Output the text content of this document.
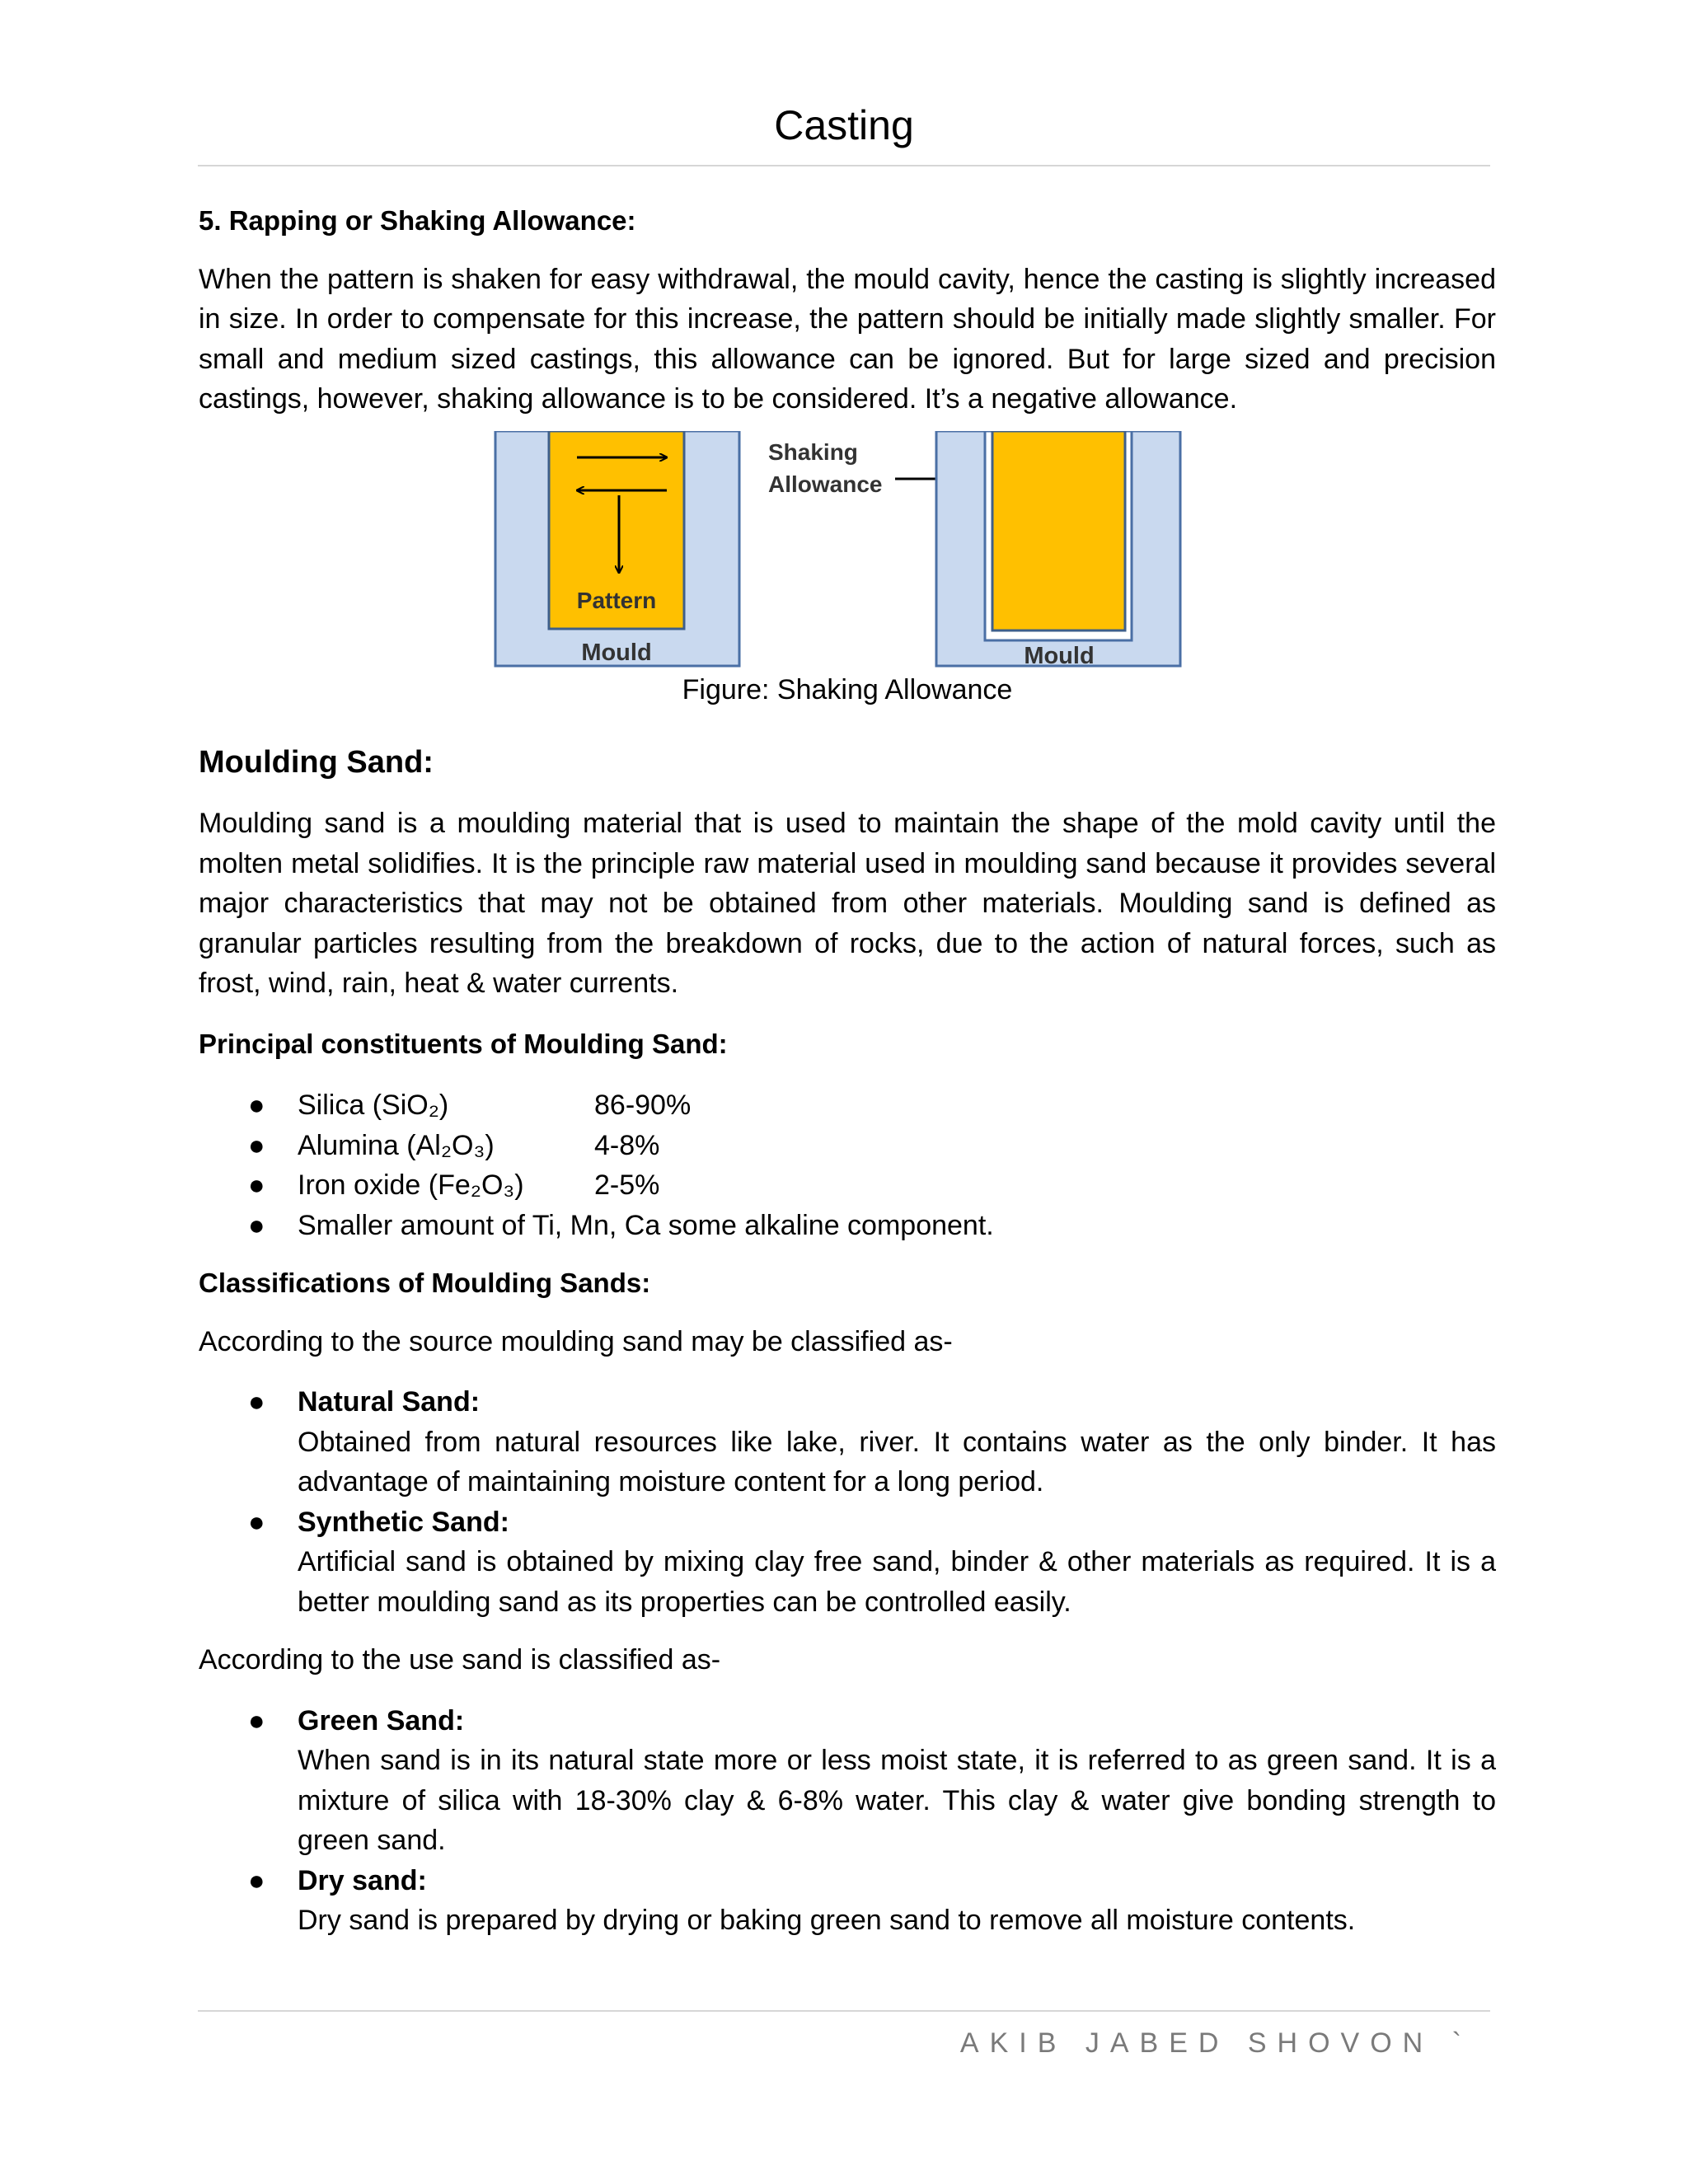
Casting

5. Rapping or Shaking Allowance:

When the pattern is shaken for easy withdrawal, the mould cavity, hence the casting is slightly increased in size. In order to compensate for this increase, the pattern should be initially made slightly smaller. For small and medium sized castings, this allowance can be ignored. But for large sized and precision castings, however, shaking allowance is to be considered. It’s a negative allowance.

Pattern
Mould
Shaking
Allowance
Mould
Figure: Shaking Allowance

Moulding Sand:

Moulding sand is a moulding material that is used to maintain the shape of the mold cavity until the molten metal solidifies. It is the principle raw material used in moulding sand because it provides several major characteristics that may not be obtained from other materials. Moulding sand is defined as granular particles resulting from the breakdown of rocks, due to the action of natural forces, such as frost, wind, rain, heat & water currents.

Principal constituents of Moulding Sand:

● Silica (SiO₂)	86-90%
● Alumina (Al₂O₃)	4-8%
● Iron oxide (Fe₂O₃)	2-5%
● Smaller amount of Ti, Mn, Ca some alkaline component.

Classifications of Moulding Sands:

According to the source moulding sand may be classified as-

● Natural Sand:
Obtained from natural resources like lake, river. It contains water as the only binder. It has advantage of maintaining moisture content for a long period.
● Synthetic Sand:
Artificial sand is obtained by mixing clay free sand, binder & other materials as required. It is a better moulding sand as its properties can be controlled easily.

According to the use sand is classified as-

● Green Sand:
When sand is in its natural state more or less moist state, it is referred to as green sand. It is a mixture of silica with 18-30% clay & 6-8% water. This clay & water give bonding strength to green sand.
● Dry sand:
Dry sand is prepared by drying or baking green sand to remove all moisture contents.
AKIB JABED SHOVON `
